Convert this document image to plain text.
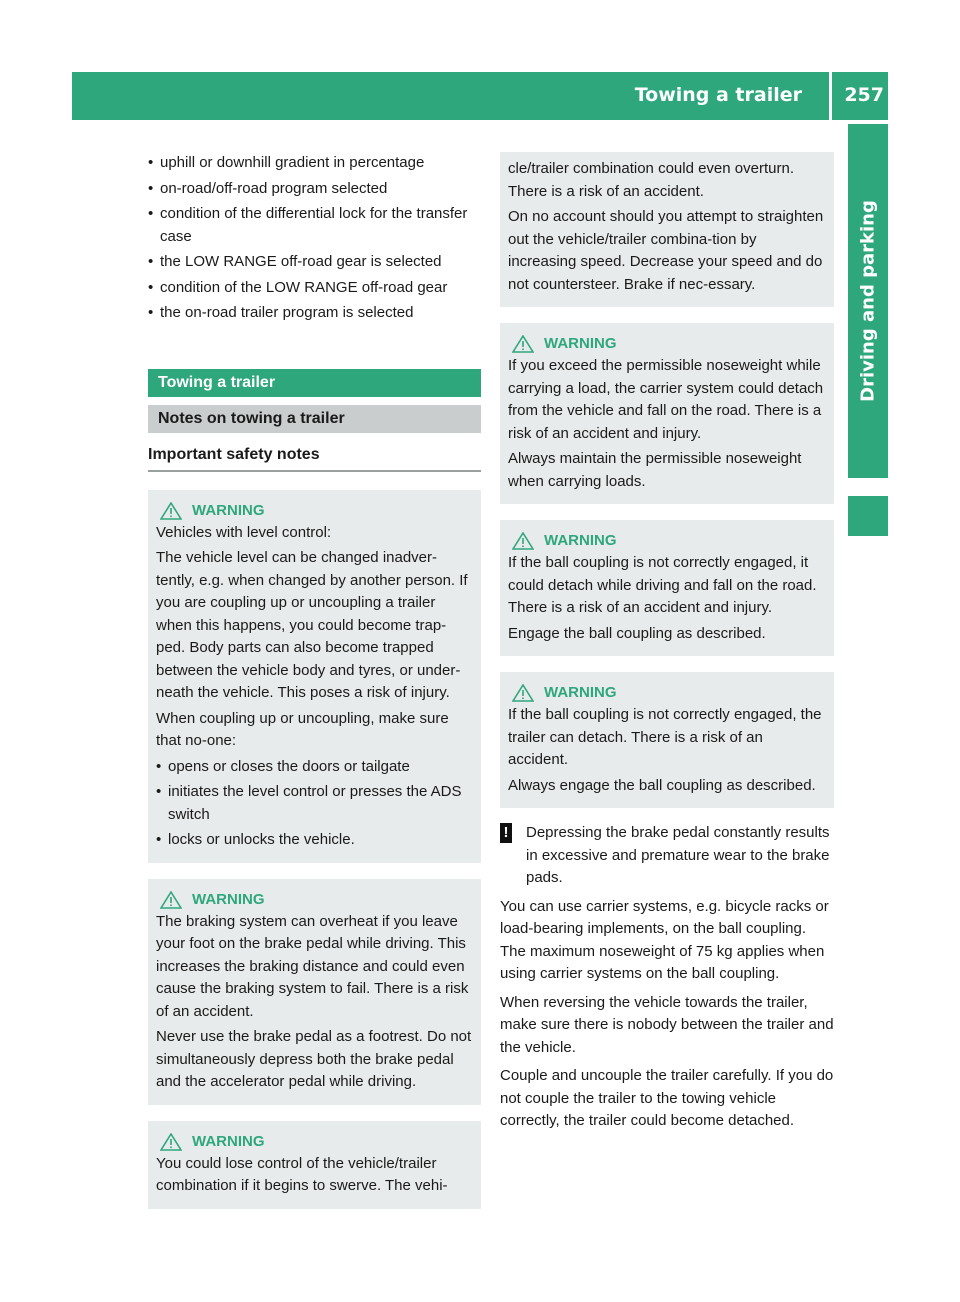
Towing a trailer 257
Driving and parking
• uphill or downhill gradient in percentage
• on-road/off-road program selected
• condition of the differential lock for the transfer case
• the LOW RANGE off-road gear is selected
• condition of the LOW RANGE off-road gear
• the on-road trailer program is selected
Towing a trailer
Notes on towing a trailer
Important safety notes
WARNING

Vehicles with level control:

The vehicle level can be changed inadver-tently, e.g. when changed by another person. If you are coupling up or uncoupling a trailer when this happens, you could become trap-ped. Body parts can also become trapped between the vehicle body and tyres, or under-neath the vehicle. This poses a risk of injury.

When coupling up or uncoupling, make sure that no-one:

• opens or closes the doors or tailgate
• initiates the level control or presses the ADS switch
• locks or unlocks the vehicle.
WARNING

The braking system can overheat if you leave your foot on the brake pedal while driving. This increases the braking distance and could even cause the braking system to fail. There is a risk of an accident.

Never use the brake pedal as a footrest. Do not simultaneously depress both the brake pedal and the accelerator pedal while driving.

WARNING

You could lose control of the vehicle/trailer combination if it begins to swerve. The vehi-

cle/trailer combination could even overturn. There is a risk of an accident.

On no account should you attempt to straighten out the vehicle/trailer combina-tion by increasing speed. Decrease your speed and do not countersteer. Brake if nec-essary.

WARNING

If you exceed the permissible noseweight while carrying a load, the carrier system could detach from the vehicle and fall on the road. There is a risk of an accident and injury.

Always maintain the permissible noseweight when carrying loads.

WARNING

If the ball coupling is not correctly engaged, it could detach while driving and fall on the road. There is a risk of an accident and injury.

Engage the ball coupling as described.

WARNING

If the ball coupling is not correctly engaged, the trailer can detach. There is a risk of an accident.

Always engage the ball coupling as described.

! Depressing the brake pedal constantly results in excessive and premature wear to the brake pads.

You can use carrier systems, e.g. bicycle racks or load-bearing implements, on the ball coupling. The maximum noseweight of 75 kg applies when using carrier systems on the ball coupling.

When reversing the vehicle towards the trailer, make sure there is nobody between the trailer and the vehicle.

Couple and uncouple the trailer carefully. If you do not couple the trailer to the towing vehicle correctly, the trailer could become detached.
